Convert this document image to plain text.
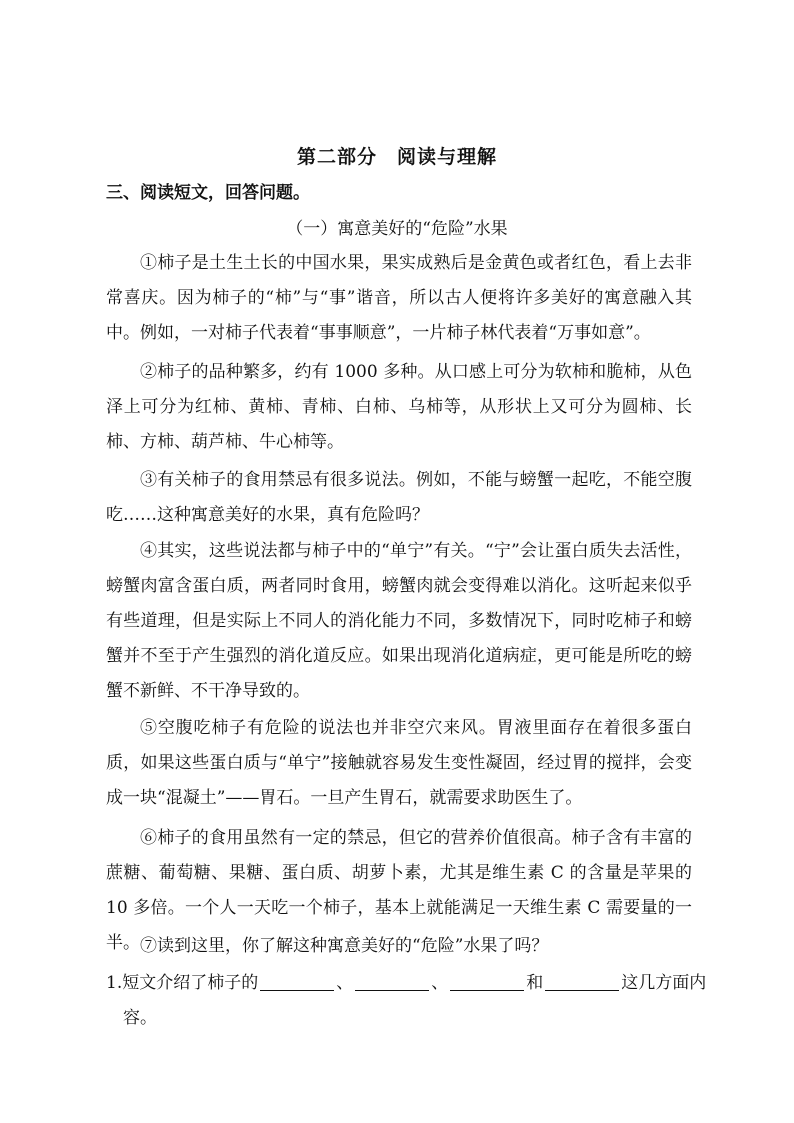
第二部分　阅读与理解
三、阅读短文，回答问题。
（一）寓意美好的“危险”水果

①柿子是土生土长的中国水果，果实成熟后是金黄色或者红色，看上去非常喜庆。因为柿子的“柿”与“事”谐音，所以古人便将许多美好的寓意融入其中。例如，一对柿子代表着“事事顺意”，一片柿子林代表着“万事如意”。

②柿子的品种繁多，约有 1000 多种。从口感上可分为软柿和脆柿，从色泽上可分为红柿、黄柿、青柿、白柿、乌柿等，从形状上又可分为圆柿、长柿、方柿、葫芦柿、牛心柿等。

③有关柿子的食用禁忌有很多说法。例如，不能与螃蟹一起吃，不能空腹吃……这种寓意美好的水果，真有危险吗？

④其实，这些说法都与柿子中的“单宁”有关。“宁”会让蛋白质失去活性，螃蟹肉富含蛋白质，两者同时食用，螃蟹肉就会变得难以消化。这听起来似乎有些道理，但是实际上不同人的消化能力不同，多数情况下，同时吃柿子和螃蟹并不至于产生强烈的消化道反应。如果出现消化道病症，更可能是所吃的螃蟹不新鲜、不干净导致的。

⑤空腹吃柿子有危险的说法也并非空穴来风。胃液里面存在着很多蛋白质，如果这些蛋白质与“单宁”接触就容易发生变性凝固，经过胃的搅拌，会变成一块“混凝土”——胃石。一旦产生胃石，就需要求助医生了。

⑥柿子的食用虽然有一定的禁忌，但它的营养价值很高。柿子含有丰富的蔗糖、葡萄糖、果糖、蛋白质、胡萝卜素，尤其是维生素 C 的含量是苹果的 10 多倍。一个人一天吃一个柿子，基本上就能满足一天维生素 C 需要量的一半。 ⑦读到这里，你了解这种寓意美好的“危险”水果了吗？

1.短文介绍了柿子的	、	、	和	这几方面内容。
